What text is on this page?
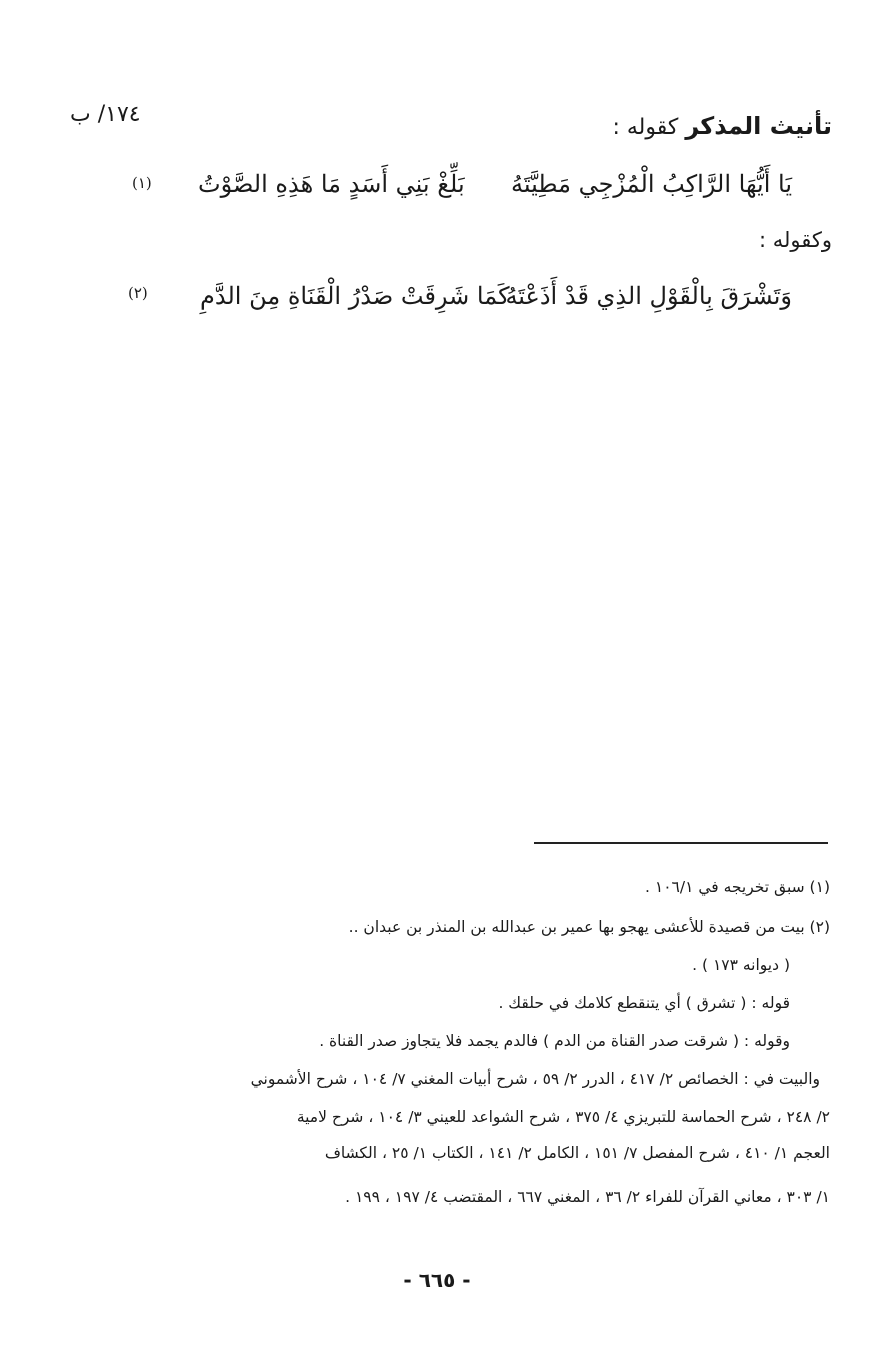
١٧٤/ ب	تأنيث المذكر كقوله :
يَا أَيُّهَا الرَّاكِبُ الْمُزْجِي مَطِيَّتَهُ
بَلِّغْ بَنِي أَسَدٍ مَا هَذِهِ الصَّوْتُ
(١)
وكقوله :
وَتَشْرَقَ بِالْقَوْلِ الذِي قَدْ أَذَعْتَهُ
كَمَا شَرِقَتْ صَدْرُ الْقَنَاةِ مِنَ الدَّمِ
(٢)
(١) سبق تخريجه في ١٠٦/١ .
(٢) بيت من قصيدة للأعشى يهجو بها عمير بن عبدالله بن المنذر بن عبدان ..
( ديوانه ١٧٣ ) .
قوله : ( تشرق ) أي يتنقطع كلامك في حلقك .
وقوله : ( شرقت صدر القناة من الدم ) فالدم يجمد فلا يتجاوز صدر القناة .
والبيت في : الخصائص ٢/ ٤١٧ ، الدرر ٢/ ٥٩ ، شرح أبيات المغني ٧/ ١٠٤ ، شرح الأشموني
٢/ ٢٤٨ ، شرح الحماسة للتبريزي ٤/ ٣٧٥ ، شرح الشواعد للعيني ٣/ ١٠٤ ، شرح لامية
العجم ١/ ٤١٠ ، شرح المفصل ٧/ ١٥١ ، الكامل ٢/ ١٤١ ، الكتاب ١/ ٢٥ ، الكشاف
١/ ٣٠٣ ، معاني القرآن للفراء ٢/ ٣٦ ، المغني ٦٦٧ ، المقتضب ٤/ ١٩٧ ، ١٩٩ .
- ٦٦٥ -
